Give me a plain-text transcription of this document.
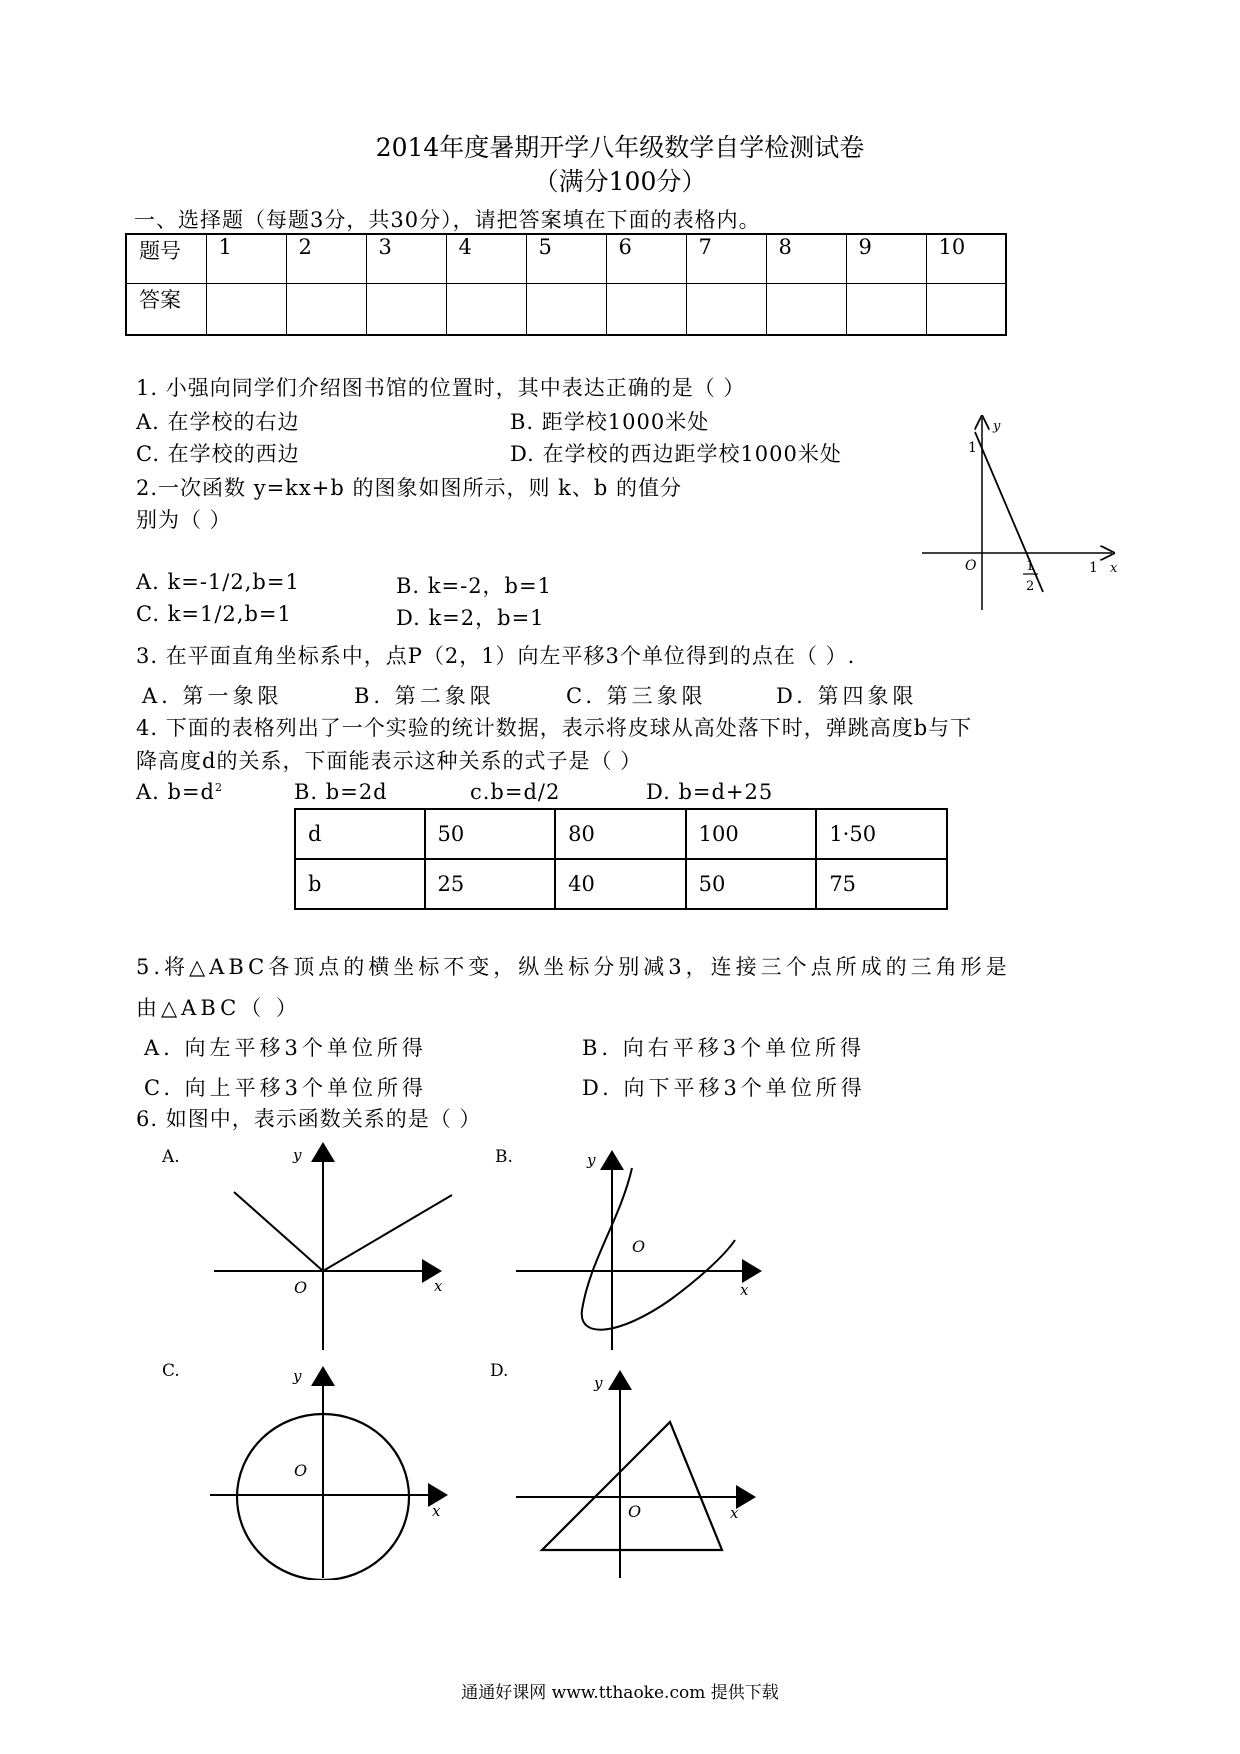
2014年度暑期开学八年级数学自学检测试卷
（满分100分）
一、选择题（每题3分，共30分），请把答案填在下面的表格内。
题号	1	2	3	4	5	6	7	8	9	10
答案										
1. 小强向同学们介绍图书馆的位置时，其中表达正确的是（ ）
A. 在学校的右边	B. 距学校1000米处
C. 在学校的西边	D. 在学校的西边距学校1000米处
2.一次函数 y=kx+b 的图象如图所示，则 k、b 的值分
别为（ ）
A. k=-1/2,b=1	B. k=-2，b=1
C. k=1/2,b=1	D. k=2，b=1
y
x
O
1
1
1
2
3. 在平面直角坐标系中，点P（2，1）向左平移3个单位得到的点在（ ）.
A. 第一象限	B. 第二象限	C. 第三象限	D. 第四象限
4. 下面的表格列出了一个实验的统计数据，表示将皮球从高处落下时，弹跳高度b与下
降高度d的关系，下面能表示这种关系的式子是（ ）
A. $b=d^2$	B. b=2d	c.b=d/2	D. b=d+25
d	50	80	100	1·50
b	25	40	50	75
5.将△ABC各顶点的横坐标不变，纵坐标分别减3，连接三个点所成的三角形是
由△ABC（ ）
A. 向左平移3个单位所得	B. 向右平移3个单位所得
C. 向上平移3个单位所得	D. 向下平移3个单位所得
6. 如图中，表示函数关系的是（ ）
A.	y
x
O
B.	y
x
O
C.	y
x
O
D.
y
x
O
通通好课网 www.tthaoke.com 提供下载
